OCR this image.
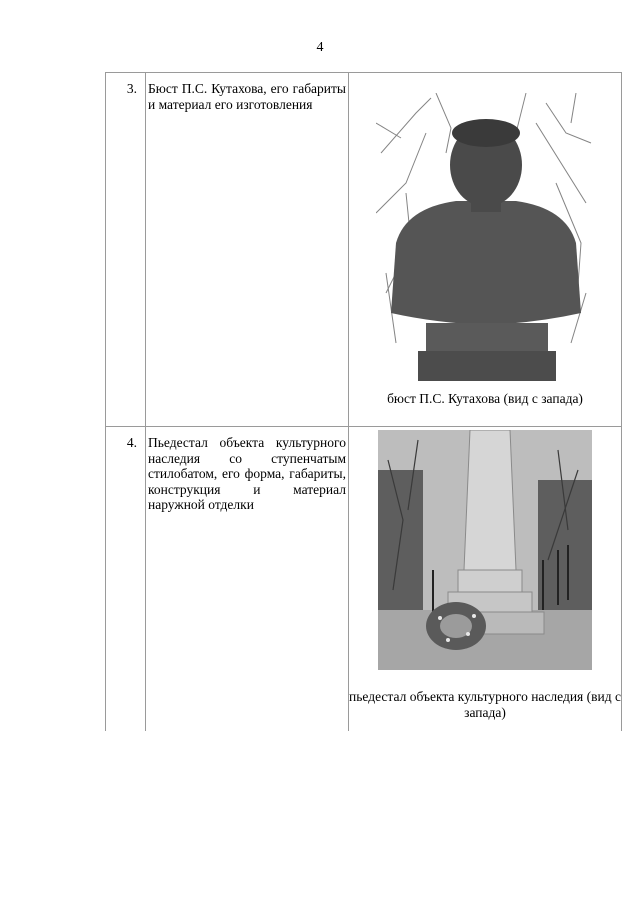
4
3.	Бюст П.С. Кутахова, его габариты и материал его изготовления	бюст П.С. Кутахова (вид с запада)

4.	Пьедестал объекта культурного наследия со ступенчатым стилобатом, его форма, габариты, конструкция и материал наружной отделки	пьедестал объекта культурного наследия (вид с запада)
